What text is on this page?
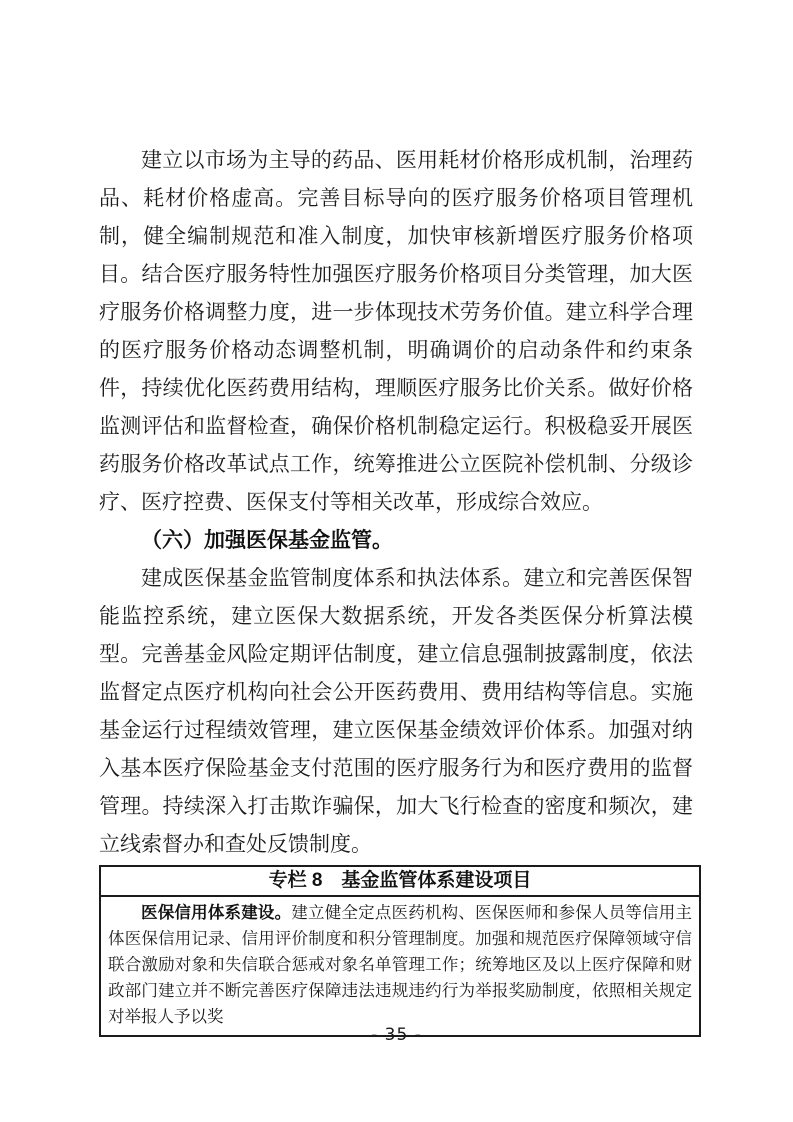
建立以市场为主导的药品、医用耗材价格形成机制，治理药品、耗材价格虚高。完善目标导向的医疗服务价格项目管理机制，健全编制规范和准入制度，加快审核新增医疗服务价格项目。结合医疗服务特性加强医疗服务价格项目分类管理，加大医疗服务价格调整力度，进一步体现技术劳务价值。建立科学合理的医疗服务价格动态调整机制，明确调价的启动条件和约束条件，持续优化医药费用结构，理顺医疗服务比价关系。做好价格监测评估和监督检查，确保价格机制稳定运行。积极稳妥开展医药服务价格改革试点工作，统筹推进公立医院补偿机制、分级诊疗、医疗控费、医保支付等相关改革，形成综合效应。

（六）加强医保基金监管。

建成医保基金监管制度体系和执法体系。建立和完善医保智能监控系统，建立医保大数据系统，开发各类医保分析算法模型。完善基金风险定期评估制度，建立信息强制披露制度，依法监督定点医疗机构向社会公开医药费用、费用结构等信息。实施基金运行过程绩效管理，建立医保基金绩效评价体系。加强对纳入基本医疗保险基金支付范围的医疗服务行为和医疗费用的监督管理。持续深入打击欺诈骗保，加大飞行检查的密度和频次，建立线索督办和查处反馈制度。

专栏 8　基金监管体系建设项目
医保信用体系建设。建立健全定点医药机构、医保医师和参保人员等信用主体医保信用记录、信用评价制度和积分管理制度。加强和规范医疗保障领域守信联合激励对象和失信联合惩戒对象名单管理工作；统筹地区及以上医疗保障和财政部门建立并不断完善医疗保障违法违规违约行为举报奖励制度，依照相关规定对举报人予以奖
- 35 -
